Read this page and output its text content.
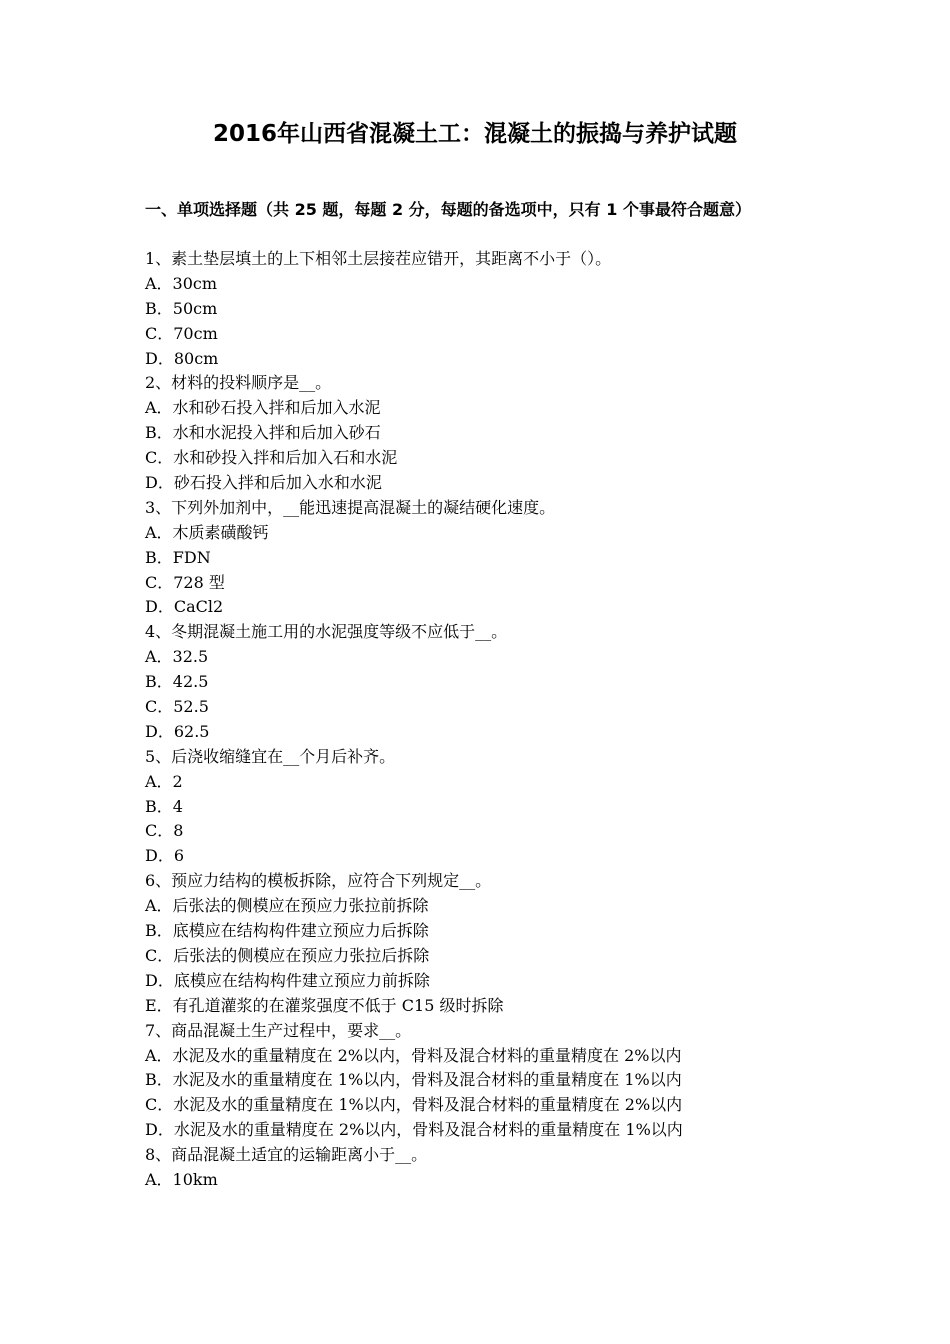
2016年山西省混凝土工：混凝土的振捣与养护试题
一、单项选择题（共 25 题，每题 2 分，每题的备选项中，只有 1 个事最符合题意）
1、素土垫层填土的上下相邻土层接茬应错开，其距离不小于（）。
A．30cm
B．50cm
C．70cm
D．80cm
2、材料的投料顺序是__。
A．水和砂石投入拌和后加入水泥
B．水和水泥投入拌和后加入砂石
C．水和砂投入拌和后加入石和水泥
D．砂石投入拌和后加入水和水泥
3、下列外加剂中，__能迅速提高混凝土的凝结硬化速度。
A．木质素磺酸钙
B．FDN
C．728 型
D．CaCl2
4、冬期混凝土施工用的水泥强度等级不应低于__。
A．32.5
B．42.5
C．52.5
D．62.5
5、后浇收缩缝宜在__个月后补齐。
A．2
B．4
C．8
D．6
6、预应力结构的模板拆除，应符合下列规定__。
A．后张法的侧模应在预应力张拉前拆除
B．底模应在结构构件建立预应力后拆除
C．后张法的侧模应在预应力张拉后拆除
D．底模应在结构构件建立预应力前拆除
E．有孔道灌浆的在灌浆强度不低于 C15 级时拆除
7、商品混凝土生产过程中，要求__。
A．水泥及水的重量精度在 2%以内，骨料及混合材料的重量精度在 2%以内
B．水泥及水的重量精度在 1%以内，骨料及混合材料的重量精度在 1%以内
C．水泥及水的重量精度在 1%以内，骨料及混合材料的重量精度在 2%以内
D．水泥及水的重量精度在 2%以内，骨料及混合材料的重量精度在 1%以内
8、商品混凝土适宜的运输距离小于__。
A．10km
